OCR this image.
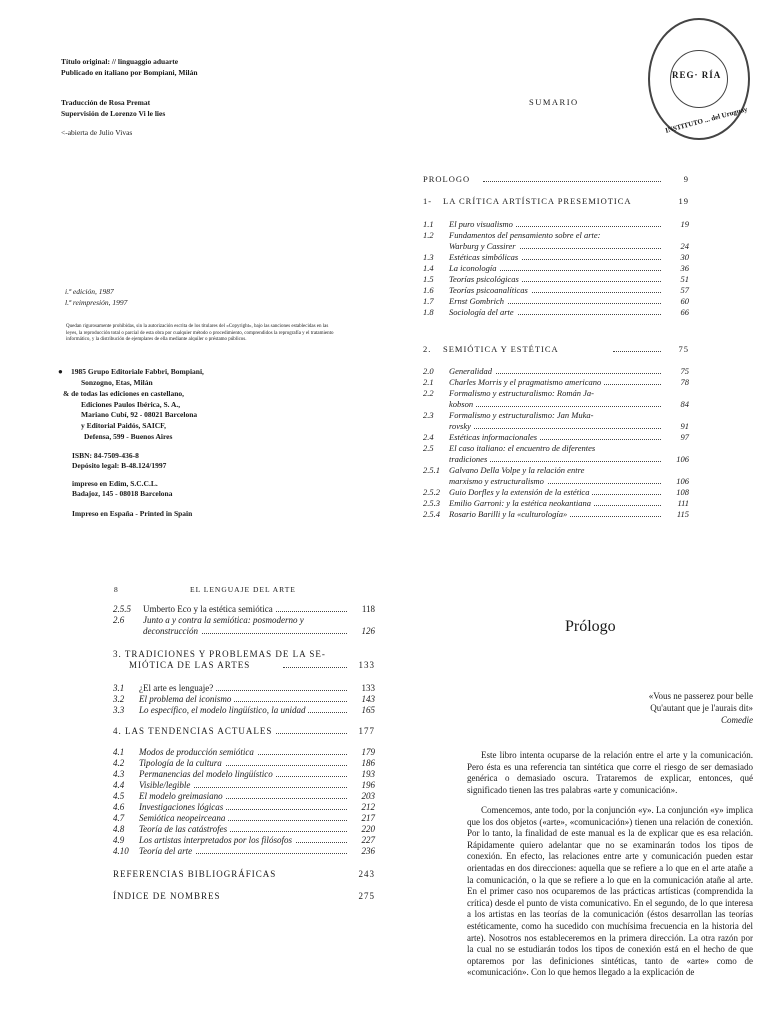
Título original: // linguaggio aduarte
Publicado en italiano por Bompiani, Milán
Traducción de Rosa Premat
Supervisión de Lorenzo Vi le lies
<-abierta de Julio Vivas
i.ª edición, 1987
l.ª reimpresión, 1997
Quedan rigurosamente prohibidas, sin la autorización escrita de los titulares del «Copyright», bajo las sanciones establecidas en las leyes, la reproducción total o parcial de esta obra por cualquier método o procedimiento, comprendidos la reprografía y el tratamiento informático, y la distribución de ejemplares de ella mediante alquiler o préstamo públicos.
● 1985 Grupo Editoriale Fabbri, Bompiani,
Sonzogno, Etas, Milán
& de todas las ediciones en castellano,
Ediciones Paulos Ibérica, S. A.,
Mariano Cubí, 92 - 08021 Barcelona
y Editorial Paidós, SAICF,
Defensa, 599 - Buenos Aires
ISBN: 84-7509-436-8
Depósito legal: B-48.124/1997
impreso en Edim, S.C.C.L.
Badajoz, 145 - 08018 Barcelona
Impreso en España - Printed in Spain
REG· RÍA
INSTITUTO ... del Uruguay
SUMARIO
PROLOGO	9
1-	LA CRÍTICA ARTÍSTICA PRESEMIOTICA	19
1.1	El puro visualismo	19
1.2	Fundamentos del pensamiento sobre el arte:
Warburg y Cassirer	24
1.3	Estéticas simbólicas	30
1.4	La iconología	36
1.5	Teorías psicológicas	51
1.6	Teorías psicoanalíticas	57
1.7	Ernst Gombrich	60
1.8	Sociología del arte	66
2.	SEMIÓTICA Y ESTÉTICA	75
2.0	Generalidad	75
2.1	Charles Morris y el pragmatismo americano	78
2.2	Formalismo y estructuralismo: Román Ja-
kobson	84
2.3	Formalismo y estructuralismo: Jan Muka-
rovsky	91
2.4	Estéticas informacionales	97
2.5	El caso italiano: el encuentro de diferentes
tradiciones	106
2.5.1	Galvano Della Volpe y la relación entre
marxismo y estructuralismo	106
2.5.2	Guio Dorfles y la extensión de la estética	108
2.5.3	Emilio Garroni: y la estética neokantiana	111
2.5.4	Rosario Barilli y la «culturología»	115
8	EL LENGUAJE DEL ARTE
2.5.5	Umberto Eco y la estética semiótica	118
2.6	Junto a y contra la semiótica: posmoderno y
deconstrucción	126
3. TRADICIONES Y PROBLEMAS DE LA SE-
MIÓTICA DE LAS ARTES	133
3.1	¿El arte es lenguaje?	133
3.2	El problema del iconismo	143
3.3	Lo específico, el modelo lingüístico, la unidad	165
4. LAS TENDENCIAS ACTUALES	177
4.1	Modos de producción semiótica	179
4.2	Tipología de la cultura	186
4.3	Permanencias del modelo lingüístico	193
4.4	Visible/legible	196
4.5	El modelo greimasiano	203
4.6	Investigaciones lógicas	212
4.7	Semiótica neopeirceana	217
4.8	Teoría de las catástrofes	220
4.9	Los artistas interpretados por los filósofos	227
4.10	Teoría del arte	236
REFERENCIAS BIBLIOGRÁFICAS	243
ÍNDICE DE NOMBRES	275
Prólogo
«Vous ne passerez pour belle
Qu'autant que je l'aurais dit»
Comedie
Este libro intenta ocuparse de la relación entre el arte y la comunicación. Pero ésta es una referencia tan sintética que corre el riesgo de ser demasiado genérica o demasiado oscura. Trataremos de explicar, entonces, qué significado tienen las tres palabras «arte y comunicación».
Comencemos, ante todo, por la conjunción «y». La conjunción «y» implica que los dos objetos («arte», «comunicación») tienen una relación de conexión. Por lo tanto, la finalidad de este manual es la de explicar que es esa relación. Rápidamente quiero adelantar que no se examinarán todos los tipos de conexión. En efecto, las relaciones entre arte y comunicación pueden estar orientadas en dos direcciones: aquella que se refiere a lo que en el arte atañe a la comunicación, o la que se refiere a lo que en la comunicación atañe al arte. En el primer caso nos ocuparemos de las prácticas artísticas (comprendida la crítica) desde el punto de vista comunicativo. En el segundo, de lo que interesa a los artistas en las teorías de la comunicación (éstos desarrollan las teorías estéticamente, como ha sucedido con muchísima frecuencia en la historia del arte). Nosotros nos estableceremos en la primera dirección. La otra razón por la cual no se estudiarán todos los tipos de conexión está en el hecho de que optaremos por las definiciones sintéticas, tanto de «arte» como de «comunicación». Con lo que hemos llegado a la explicación de
